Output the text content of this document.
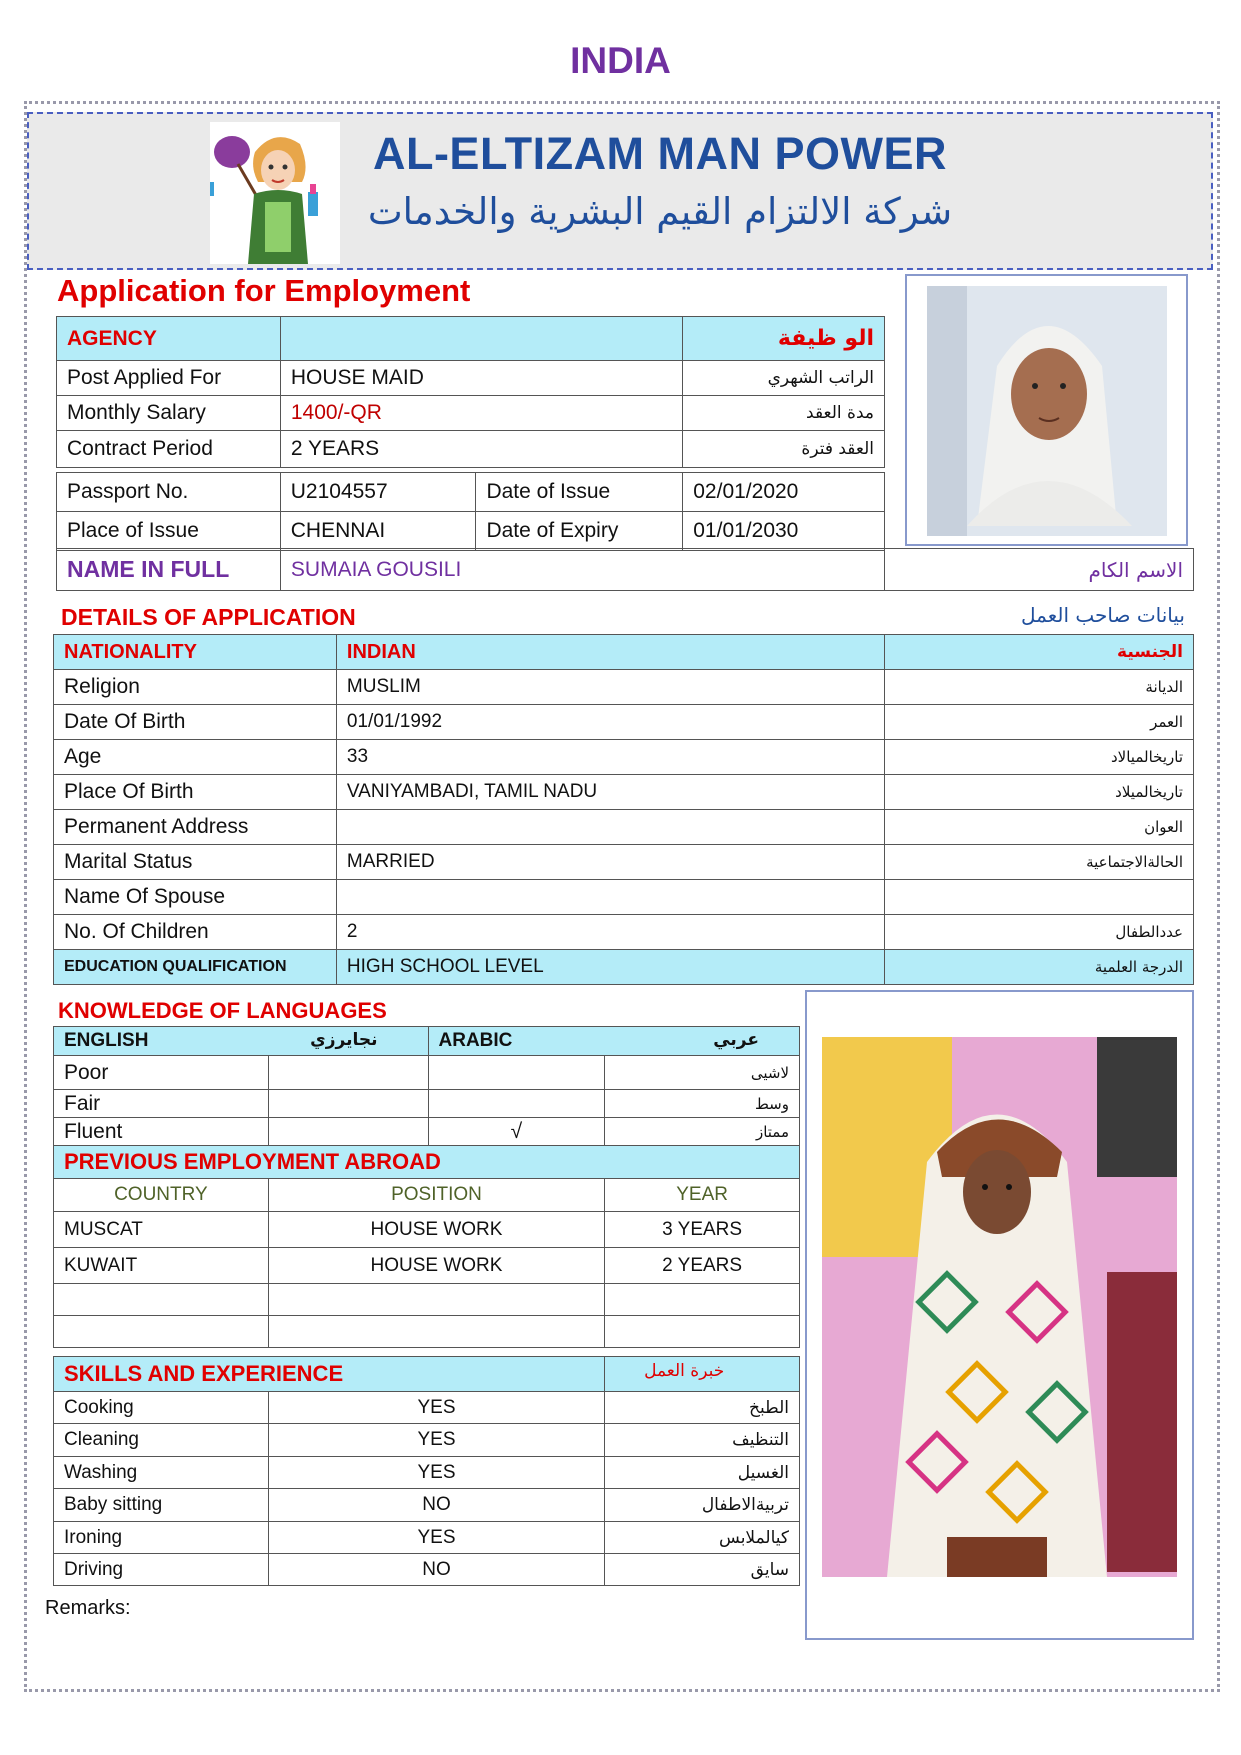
INDIA
AL-ELTIZAM MAN POWER
شركة الالتزام القيم البشرية والخدمات
Application for Employment
AGENCY		الو ظيفة
Post Applied For	HOUSE MAID	الراتب الشهري
Monthly Salary	1400/-QR	مدة العقد
Contract Period	2 YEARS	العقد فترة
Passport No.	U2104557	Date of Issue	02/01/2020
Place of Issue	CHENNAI	Date of Expiry	01/01/2030
NAME IN FULL	SUMAIA GOUSILI	الاسم الكام
DETAILS OF APPLICATION	بيانات صاحب العمل
NATIONALITY	INDIAN	الجنسية
Religion	MUSLIM	الديانة
Date Of Birth	01/01/1992	العمر
Age	33	تاريخالميالاد
Place Of Birth	VANIYAMBADI, TAMIL NADU	تاريخالميلاد
Permanent Address		العوان
Marital Status	MARRIED	الحالةالاجتماعية
Name Of Spouse		
No. Of Children	2	عددالطفال
EDUCATION QUALIFICATION	HIGH SCHOOL LEVEL	الدرجة العلمية
KNOWLEDGE OF LANGUAGES
ENGLISH نجايرزي		ARABIC عربي	

Poor			لاشيى
Fair			وسط
Fluent		√	ممتاز
PREVIOUS EMPLOYMENT ABROAD		
COUNTRY	POSITION	YEAR
MUSCAT	HOUSE WORK	3 YEARS
KUWAIT	HOUSE WORK	2 YEARS

SKILLS AND EXPERIENCE خبرة العمل		

Cooking	YES	الطبخ
Cleaning	YES	التنظيف
Washing	YES	الغسيل
Baby sitting	NO	تربيةالاطفال
Ironing	YES	كيالملابس
Driving	NO	سايق
Remarks:
